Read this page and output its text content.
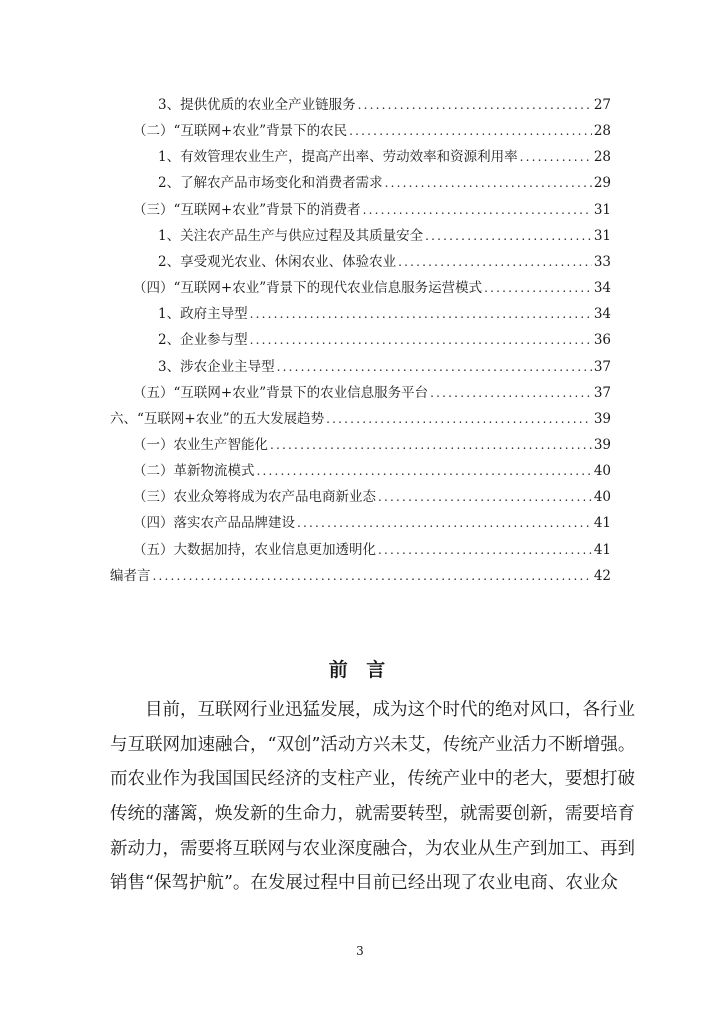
3、提供优质的农业全产业链服务 .....	27
（二）“互联网+农业”背景下的农民 .....	28
1、有效管理农业生产，提高产出率、劳动效率和资源利用率 .....	28
2、了解农产品市场变化和消费者需求 .....	29
（三）“互联网+农业”背景下的消费者 .....	31
1、关注农产品生产与供应过程及其质量安全 .....	31
2、享受观光农业、休闲农业、体验农业 .....	33
（四）“互联网+农业”背景下的现代农业信息服务运营模式 .....	34
1、政府主导型 .....	34
2、企业参与型 .....	36
3、涉农企业主导型 .....	37
（五）“互联网+农业”背景下的农业信息服务平台 .....	37
六、“互联网+农业”的五大发展趋势 .....	39
（一）农业生产智能化 .....	39
（二）革新物流模式 .....	40
（三）农业众筹将成为农产品电商新业态 .....	40
（四）落实农产品品牌建设 .....	41
（五）大数据加持，农业信息更加透明化 .....	41
编者言 .....	42
前 言
目前，互联网行业迅猛发展，成为这个时代的绝对风口，各行业
与互联网加速融合，“双创”活动方兴未艾，传统产业活力不断增强。
而农业作为我国国民经济的支柱产业，传统产业中的老大，要想打破
传统的藩篱，焕发新的生命力，就需要转型，就需要创新，需要培育
新动力，需要将互联网与农业深度融合，为农业从生产到加工、再到
销售“保驾护航”。在发展过程中目前已经出现了农业电商、农业众
3
